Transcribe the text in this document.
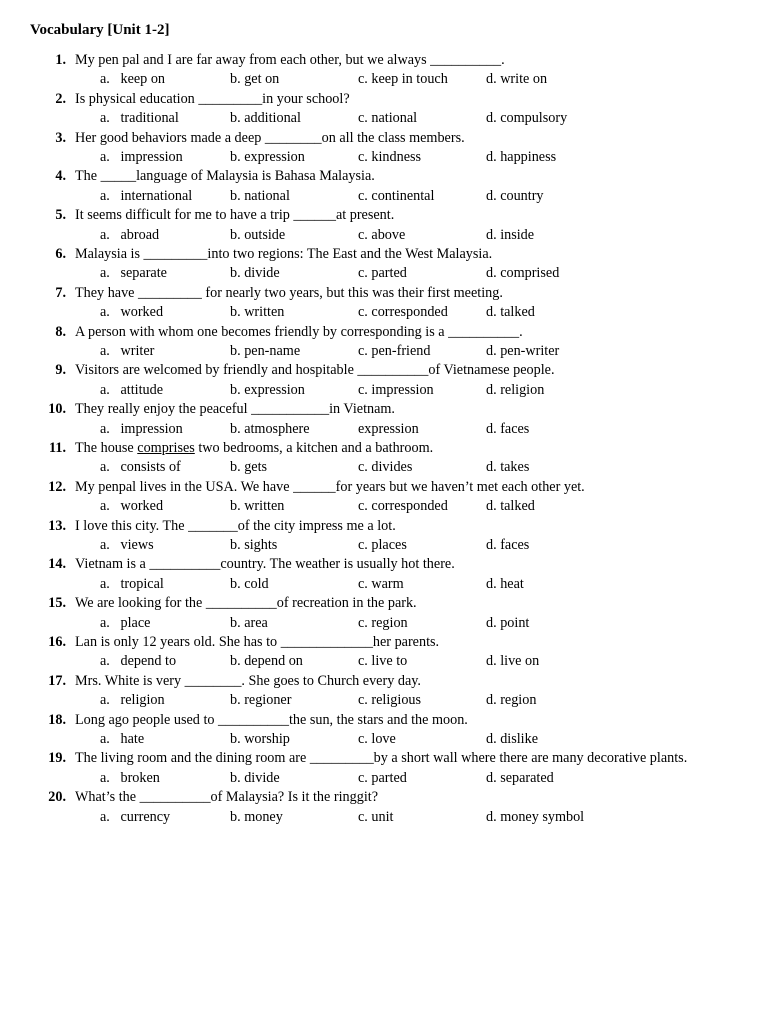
Vocabulary [Unit 1-2]
1. My pen pal and I are far away from each other, but we always __________.
a.   keep on	b. get on	c. keep in touch	d. write on
2. Is physical education _________in your school?
a.   traditional	b. additional	c. national	d. compulsory
3. Her good behaviors made a deep ________on all the class members.
a.   impression	b. expression	c. kindness	d. happiness
4. The _____language of Malaysia is Bahasa Malaysia.
a.   international	b. national	c. continental	d. country
5. It seems difficult for me to have a trip ______at present.
a.   abroad	b. outside	c. above	d. inside
6. Malaysia is _________into two regions: The East and the West Malaysia.
a.   separate	b. divide	c. parted	d. comprised
7. They have _________ for nearly two years, but this was their first meeting.
a.   worked	b. written	c. corresponded	d. talked
8. A person with whom one becomes friendly by corresponding is a __________.
a.   writer	b. pen-name	c. pen-friend	d. pen-writer
9. Visitors are welcomed by friendly and hospitable __________of Vietnamese people.
a.   attitude	b. expression	c. impression	d. religion
10. They really enjoy the peaceful ___________in Vietnam.
a.   impression	b. atmosphere	expression	d. faces
11. The house comprises two bedrooms, a kitchen and a bathroom.
a.   consists of	b. gets	c. divides	d. takes
12. My penpal lives in the USA. We have ______for years but we haven’t met each other yet.
a.   worked	b. written	c. corresponded	d. talked
13. I love this city. The _______of the city impress me a lot.
a.   views	b. sights	c. places	d. faces
14. Vietnam is a __________country. The weather is usually hot there.
a.   tropical	b. cold	c. warm	d. heat
15. We are looking for the __________of recreation in the park.
a.   place	b. area	c. region	d. point
16. Lan is only 12 years old. She has to _____________her parents.
a.   depend to	b. depend on	c. live to	d. live on
17. Mrs. White is very ________. She goes to Church every day.
a.   religion	b. regioner	c. religious	d. region
18. Long ago people used to __________the sun, the stars and the moon.
a.   hate	b. worship	c. love	d. dislike
19. The living room and the dining room are _________by a short wall where there are many decorative plants.
a.   broken	b. divide	c. parted	d. separated
20. What’s the __________of Malaysia? Is it the ringgit?
a.   currency	b. money	c. unit	d. money symbol
